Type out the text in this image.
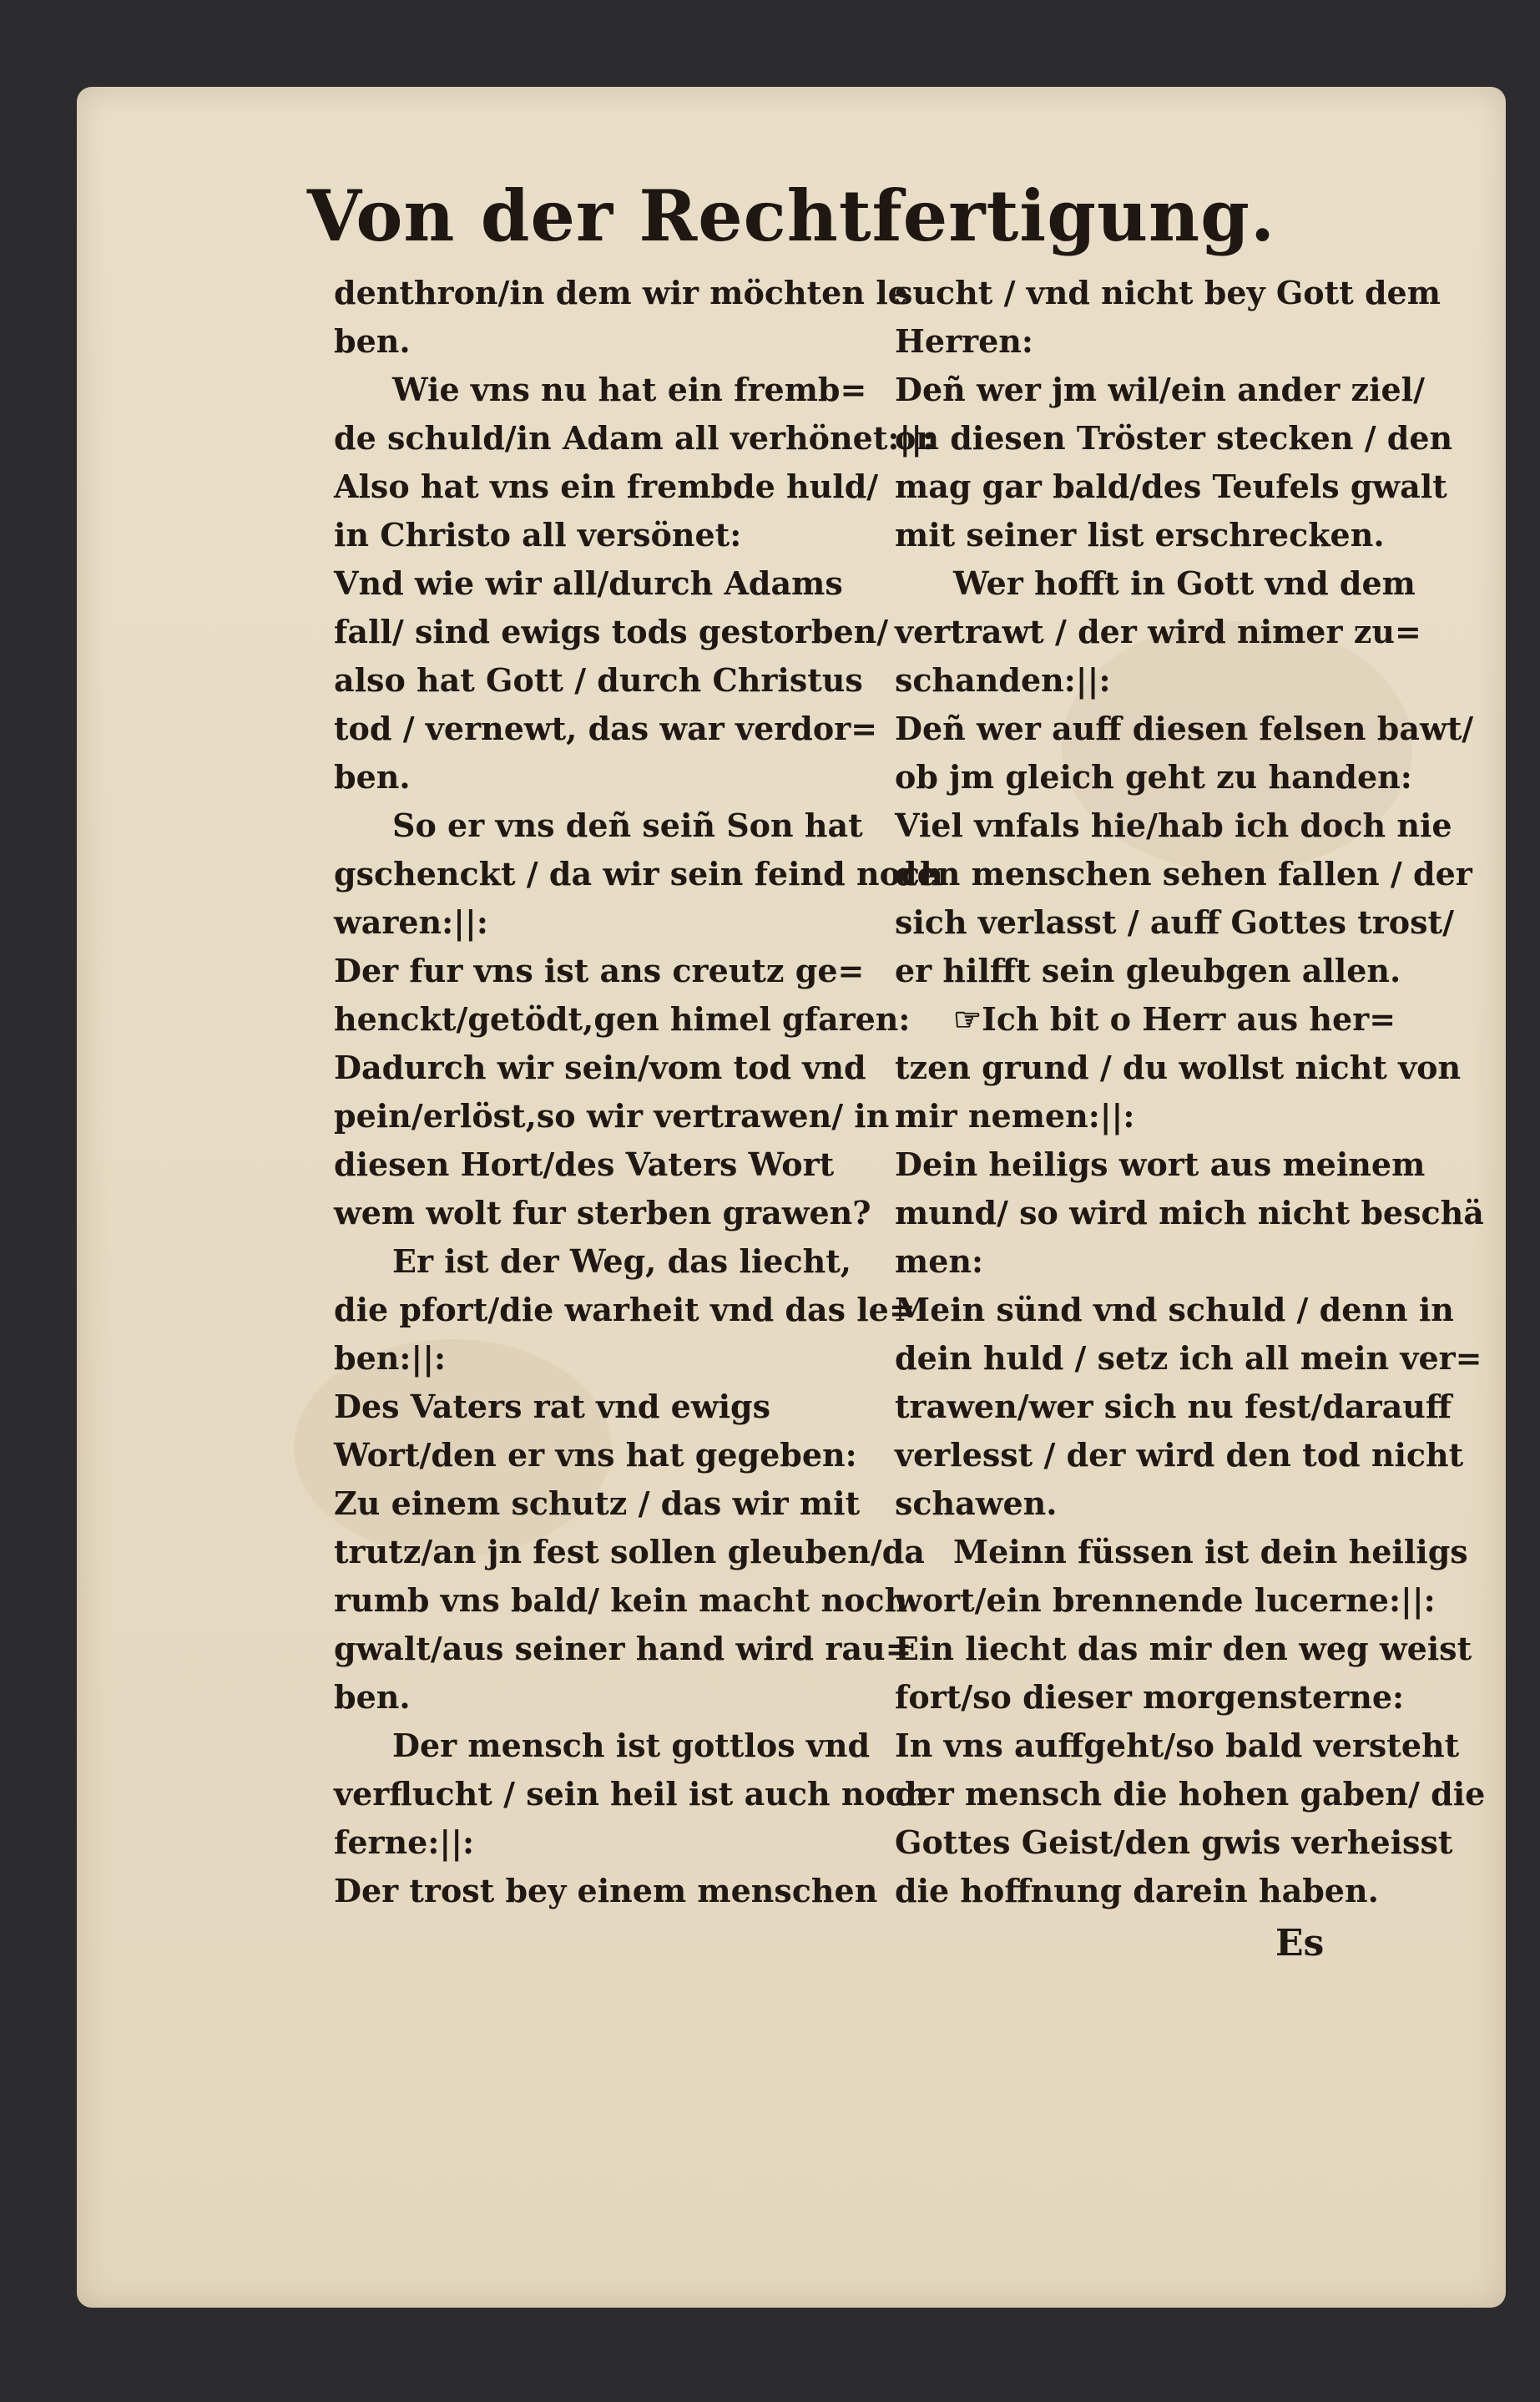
Von der Rechtfertigung.
denthron/in dem wir möchten le
ben.
Wie vns nu hat ein fremb=
de schuld/in Adam all verhönet:||:
Also hat vns ein frembde huld/
in Christo all versönet:
Vnd wie wir all/durch Adams
fall/ sind ewigs tods gestorben/
also hat Gott / durch Christus
tod / vernewt, das war verdor=
ben.
So er vns deñ seiñ Son hat
gschenckt / da wir sein feind noch
waren:||:
Der fur vns ist ans creutz ge=
henckt/getödt,gen himel gfaren:
Dadurch wir sein/vom tod vnd
pein/erlöst,so wir vertrawen/ in
diesen Hort/des Vaters Wort
wem wolt fur sterben grawen?
Er ist der Weg, das liecht,
die pfort/die warheit vnd das le=
ben:||:
Des Vaters rat vnd ewigs
Wort/den er vns hat gegeben:
Zu einem schutz / das wir mit
trutz/an jn fest sollen gleuben/da
rumb vns bald/ kein macht noch
gwalt/aus seiner hand wird rau=
ben.
Der mensch ist gottlos vnd
verflucht / sein heil ist auch noch
ferne:||:
Der trost bey einem menschen
sucht / vnd nicht bey Gott dem
Herren:
Deñ wer jm wil/ein ander ziel/
on diesen Tröster stecken / den
mag gar bald/des Teufels gwalt
mit seiner list erschrecken.
Wer hofft in Gott vnd dem
vertrawt / der wird nimer zu=
schanden:||:
Deñ wer auff diesen felsen bawt/
ob jm gleich geht zu handen:
Viel vnfals hie/hab ich doch nie
den menschen sehen fallen / der
sich verlasst / auff Gottes trost/
er hilfft sein gleubgen allen.
☞Ich bit o Herr aus her=
tzen grund / du wollst nicht von
mir nemen:||:
Dein heiligs wort aus meinem
mund/ so wird mich nicht beschä
men:
Mein sünd vnd schuld / denn in
dein huld / setz ich all mein ver=
trawen/wer sich nu fest/darauff
verlesst / der wird den tod nicht
schawen.
Meinn füssen ist dein heiligs
wort/ein brennende lucerne:||:
Ein liecht das mir den weg weist
fort/so dieser morgensterne:
In vns auffgeht/so bald versteht
der mensch die hohen gaben/ die
Gottes Geist/den gwis verheisst
die hoffnung darein haben.
Es
